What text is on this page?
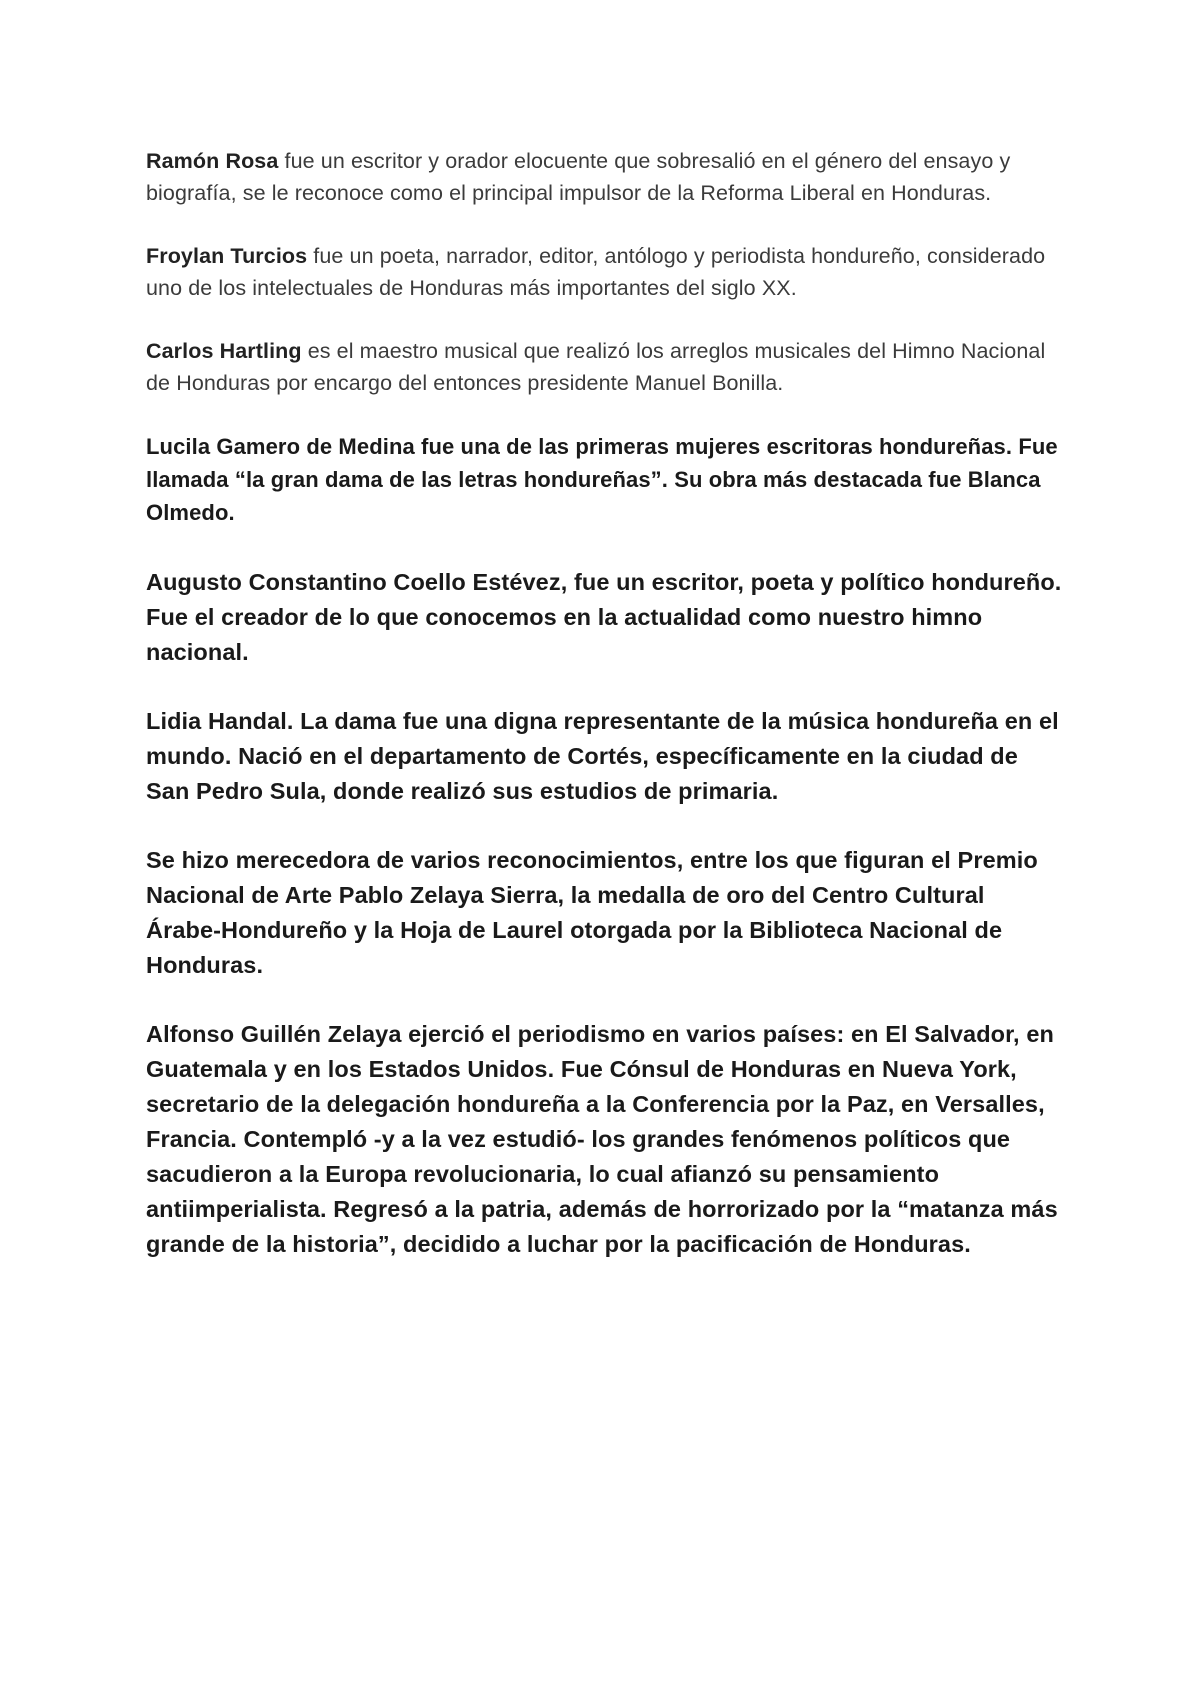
Ramón Rosa fue un escritor y orador elocuente que sobresalió en el género del ensayo y biografía, se le reconoce como el principal impulsor de la Reforma Liberal en Honduras.

Froylan Turcios fue un poeta, narrador, editor, antólogo y periodista hondureño, considerado uno de los intelectuales de Honduras más importantes del siglo XX.

Carlos Hartling es el maestro musical que realizó los arreglos musicales del Himno Nacional de Honduras por encargo del entonces presidente Manuel Bonilla.

Lucila Gamero de Medina fue una de las primeras mujeres escritoras hondureñas. Fue llamada “la gran dama de las letras hondureñas”. Su obra más destacada fue Blanca Olmedo.

Augusto Constantino Coello Estévez, fue un escritor, poeta y político hondureño. Fue el creador de lo que conocemos en la actualidad como nuestro himno nacional.

Lidia Handal. La dama fue una digna representante de la música hondureña en el mundo. Nació en el departamento de Cortés, específicamente en la ciudad de San Pedro Sula, donde realizó sus estudios de primaria.

Se hizo merecedora de varios reconocimientos, entre los que figuran el Premio Nacional de Arte Pablo Zelaya Sierra, la medalla de oro del Centro Cultural Árabe-Hondureño y la Hoja de Laurel otorgada por la Biblioteca Nacional de Honduras.

Alfonso Guillén Zelaya ejerció el periodismo en varios países: en El Salvador, en Guatemala y en los Estados Unidos. Fue Cónsul de Honduras en Nueva York, secretario de la delegación hondureña a la Conferencia por la Paz, en Versalles, Francia. Contempló -y a la vez estudió- los grandes fenómenos políticos que sacudieron a la Europa revolucionaria, lo cual afianzó su pensamiento antiimperialista. Regresó a la patria, además de horrorizado por la “matanza más grande de la historia”, decidido a luchar por la pacificación de Honduras.
